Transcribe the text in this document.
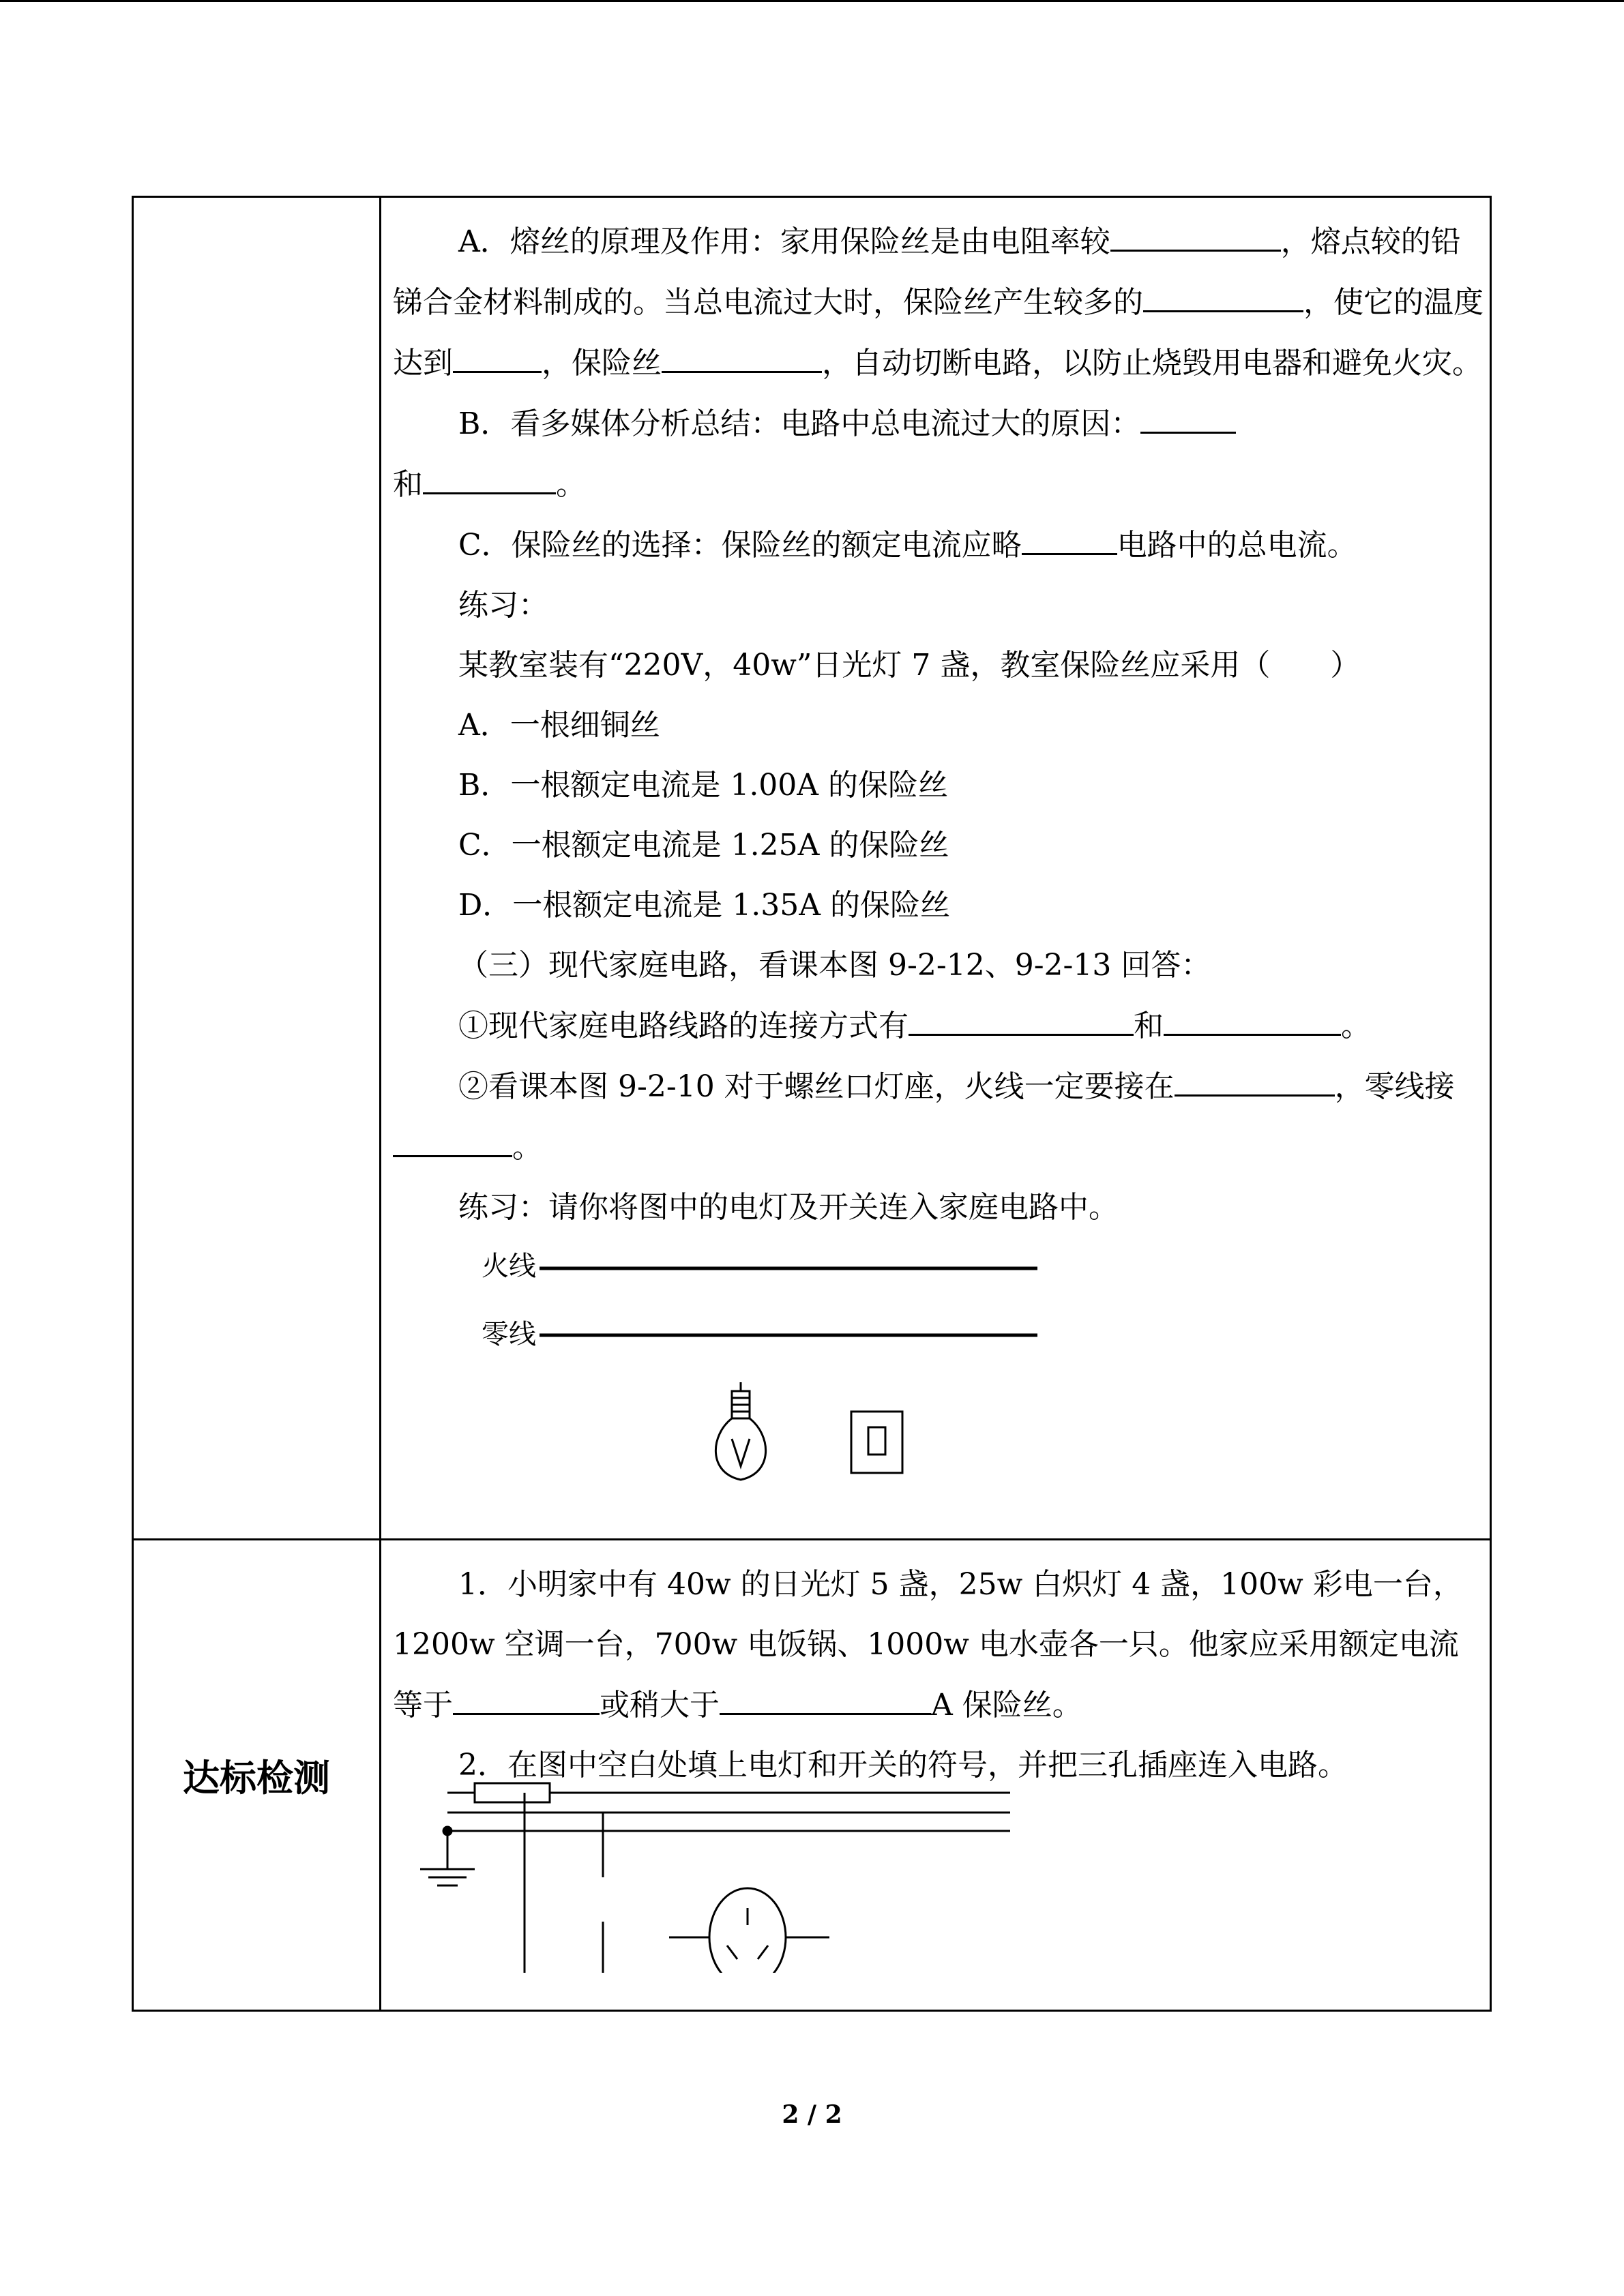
A．熔丝的原理及作用：家用保险丝是由电阻率较	，熔点较的铅锑合金材料制成的。当总电流过大时，保险丝产生较多的	，使它的温度达到	，保险丝	，自动切断电路，以防止烧毁用电器和避免火灾。

B．看多媒体分析总结：电路中总电流过大的原因：
和	。

C．保险丝的选择：保险丝的额定电流应略	电路中的总电流。

练习：

某教室装有“220V，40w”日光灯 7 盏，教室保险丝应采用（　　）

A．一根细铜丝

B．一根额定电流是 1.00A 的保险丝

C．一根额定电流是 1.25A 的保险丝

D．一根额定电流是 1.35A 的保险丝

（三）现代家庭电路，看课本图 9-2-12、9-2-13 回答：

①现代家庭电路线路的连接方式有	和	。

②看课本图 9-2-10 对于螺丝口灯座，火线一定要接在	，零线接。

练习：请你将图中的电灯及开关连入家庭电路中。

火线
零线
达标检测

1．小明家中有 40w 的日光灯 5 盏，25w 白炽灯 4 盏，100w 彩电一台，1200w 空调一台，700w 电饭锅、1000w 电水壶各一只。他家应采用额定电流等于	或稍大于	A 保险丝。

2．在图中空白处填上电灯和开关的符号，并把三孔插座连入电路。

2 / 2
